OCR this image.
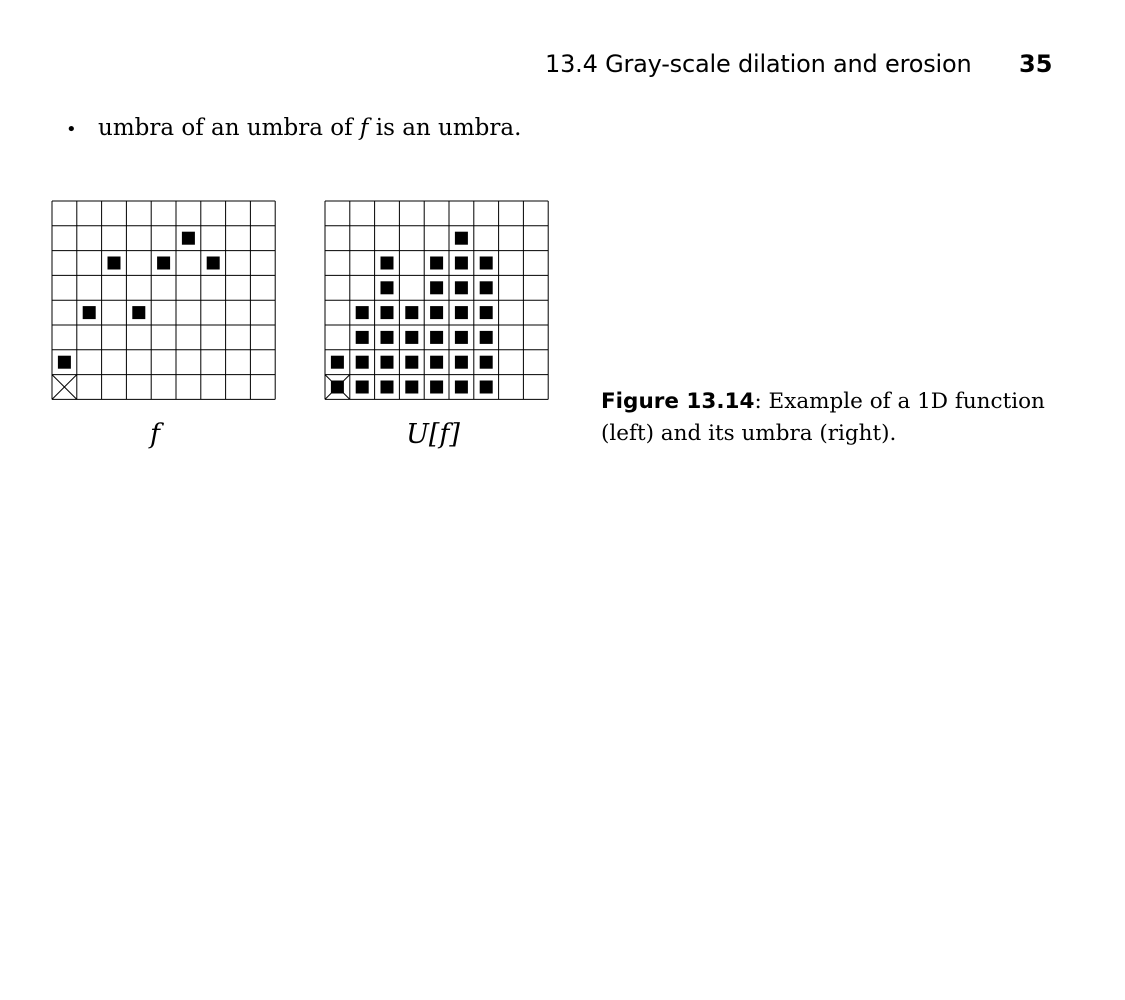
13.4 Gray-scale dilation and erosion 35
• umbra of an umbra of f is an umbra.
f	U[f]
Figure 13.14: Example of a 1D function (left) and its umbra (right).
